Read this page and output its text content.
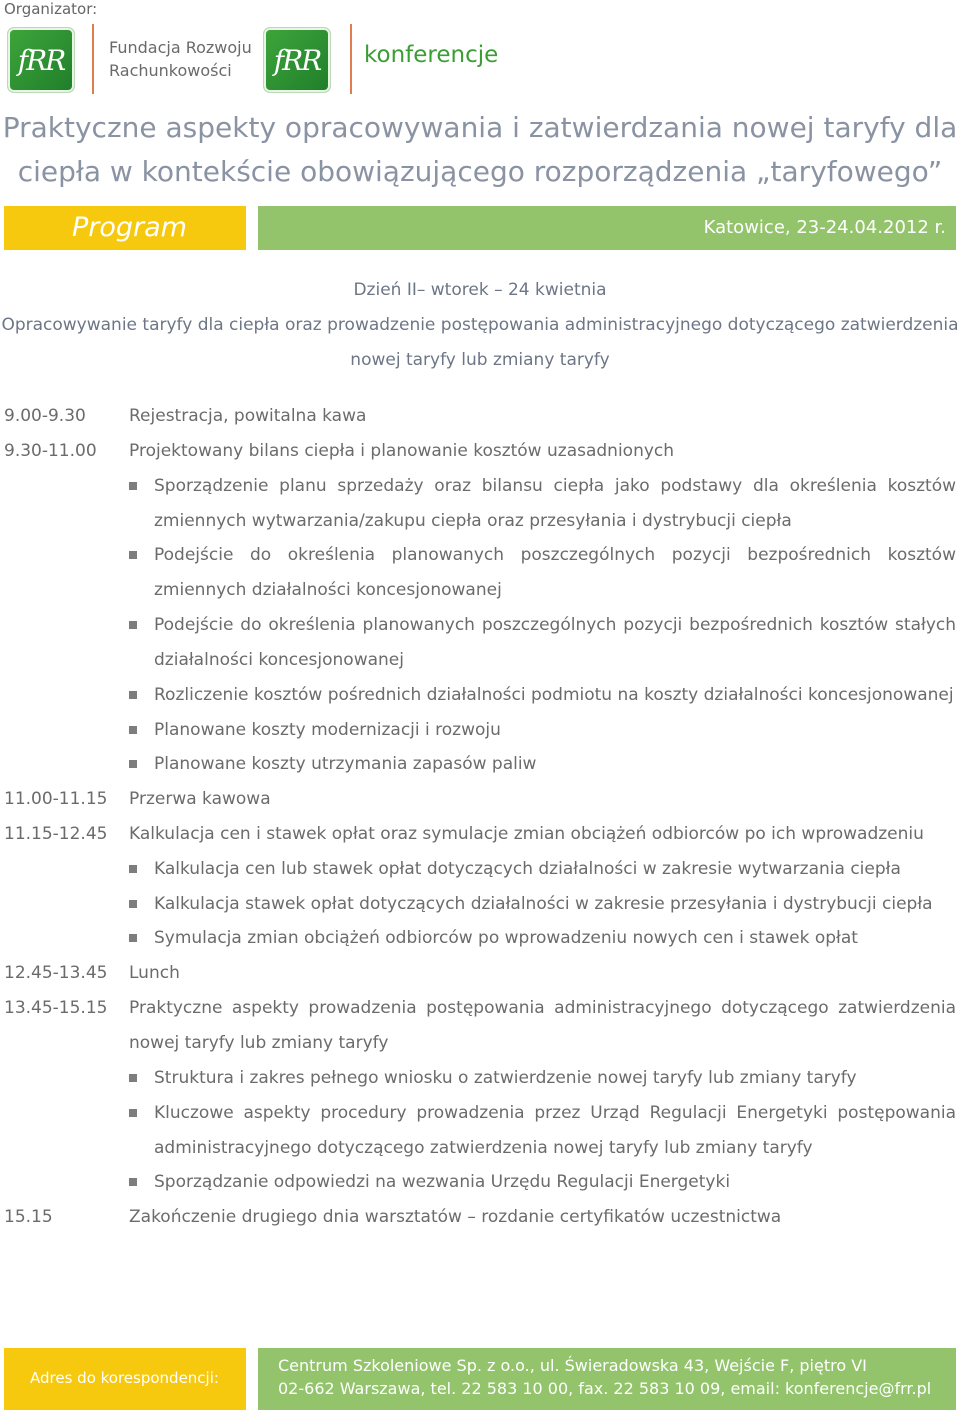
Organizator:
fRR	Fundacja Rozwoju
Rachunkowości	fRR konferencje
Praktyczne aspekty opracowywania i zatwierdzania nowej taryfy dla
ciepła w kontekście obowiązującego rozporządzenia „taryfowego”
Program	Katowice, 23-24.04.2012 r.
Dzień II– wtorek – 24 kwietnia
Opracowywanie taryfy dla ciepła oraz prowadzenie postępowania administracyjnego dotyczącego zatwierdzenia
nowej taryfy lub zmiany taryfy
9.00-9.30	Rejestracja, powitalna kawa
9.30-11.00 Projektowany bilans ciepła i planowanie kosztów uzasadnionych
Sporządzenie planu sprzedaży oraz bilansu ciepła jako podstawy dla określenia kosztów
zmiennych wytwarzania/zakupu ciepła oraz przesyłania i dystrybucji ciepła
Podejście do określenia planowanych poszczególnych pozycji bezpośrednich kosztów
zmiennych działalności koncesjonowanej
Podejście do określenia planowanych poszczególnych pozycji bezpośrednich kosztów stałych
działalności koncesjonowanej
Rozliczenie kosztów pośrednich działalności podmiotu na koszty działalności koncesjonowanej
Planowane koszty modernizacji i rozwoju
Planowane koszty utrzymania zapasów paliw
11.00-11.15 Przerwa kawowa
11.15-12.45 Kalkulacja cen i stawek opłat oraz symulacje zmian obciążeń odbiorców po ich wprowadzeniu
Kalkulacja cen lub stawek opłat dotyczących działalności w zakresie wytwarzania ciepła
Kalkulacja stawek opłat dotyczących działalności w zakresie przesyłania i dystrybucji ciepła
Symulacja zmian obciążeń odbiorców po wprowadzeniu nowych cen i stawek opłat
12.45-13.45 Lunch
13.45-15.15 Praktyczne aspekty prowadzenia postępowania administracyjnego dotyczącego zatwierdzenia
nowej taryfy lub zmiany taryfy
Struktura i zakres pełnego wniosku o zatwierdzenie nowej taryfy lub zmiany taryfy
Kluczowe aspekty procedury prowadzenia przez Urząd Regulacji Energetyki postępowania
administracyjnego dotyczącego zatwierdzenia nowej taryfy lub zmiany taryfy
Sporządzanie odpowiedzi na wezwania Urzędu Regulacji Energetyki
15.15	Zakończenie drugiego dnia warsztatów – rozdanie certyfikatów uczestnictwa
Adres do korespondencji:
Centrum Szkoleniowe Sp. z o.o., ul. Świeradowska 43, Wejście F, piętro VI
02-662 Warszawa, tel. 22 583 10 00, fax. 22 583 10 09, email: konferencje@frr.pl
